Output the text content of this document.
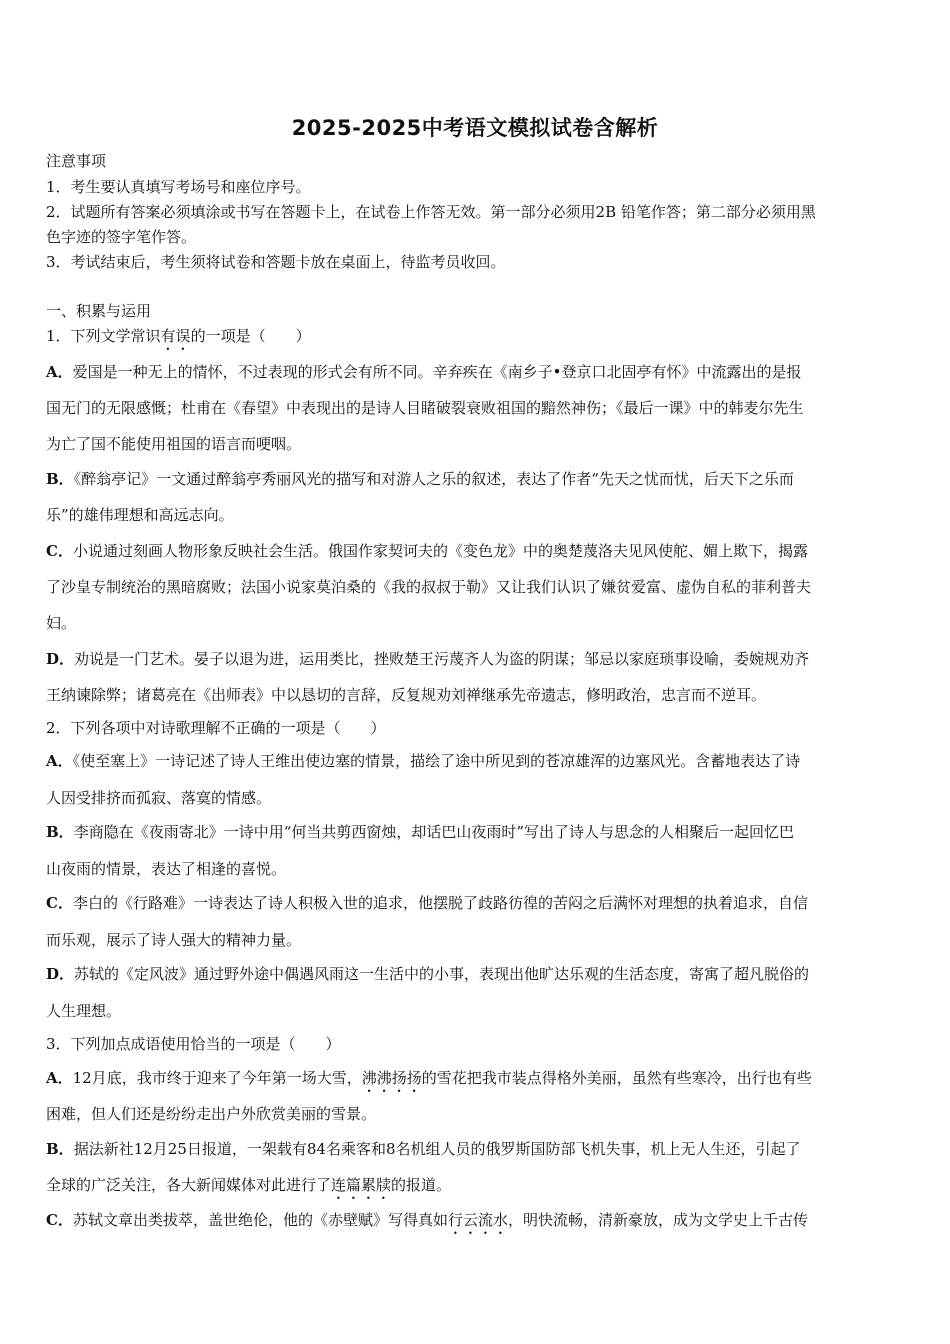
2025-2025中考语文模拟试卷含解析
注意事项
1．考生要认真填写考场号和座位序号。
2．试题所有答案必须填涂或书写在答题卡上，在试卷上作答无效。第一部分必须用2B 铅笔作答；第二部分必须用黑
色字迹的签字笔作答。
3．考试结束后，考生须将试卷和答题卡放在桌面上，待监考员收回。
一、积累与运用
1．下列文学常识有误的一项是（　　）
A．爱国是一种无上的情怀，不过表现的形式会有所不同。辛弃疾在《南乡子•登京口北固亭有怀》中流露出的是报
国无门的无限感慨；杜甫在《春望》中表现出的是诗人目睹破裂衰败祖国的黯然神伤；《最后一课》中的韩麦尔先生
为亡了国不能使用祖国的语言而哽咽。
B．《醉翁亭记》一文通过醉翁亭秀丽风光的描写和对游人之乐的叙述，表达了作者“先天之忧而忧，后天下之乐而
乐”的雄伟理想和高远志向。
C．小说通过刻画人物形象反映社会生活。俄国作家契诃夫的《变色龙》中的奥楚蔑洛夫见风使舵、媚上欺下，揭露
了沙皇专制统治的黑暗腐败；法国小说家莫泊桑的《我的叔叔于勒》又让我们认识了嫌贫爱富、虚伪自私的菲利普夫
妇。
D．劝说是一门艺术。晏子以退为进，运用类比，挫败楚王污蔑齐人为盗的阴谋；邹忌以家庭琐事设喻，委婉规劝齐
王纳谏除弊；诸葛亮在《出师表》中以恳切的言辞，反复规劝刘禅继承先帝遗志，修明政治，忠言而不逆耳。
2．下列各项中对诗歌理解不正确的一项是（　　）
A．《使至塞上》一诗记述了诗人王维出使边塞的情景，描绘了途中所见到的苍凉雄浑的边塞风光。含蓄地表达了诗
人因受排挤而孤寂、落寞的情感。
B．李商隐在《夜雨寄北》一诗中用“何当共剪西窗烛，却话巴山夜雨时”写出了诗人与思念的人相聚后一起回忆巴
山夜雨的情景，表达了相逢的喜悦。
C．李白的《行路难》一诗表达了诗人积极入世的追求，他摆脱了歧路彷徨的苦闷之后满怀对理想的执着追求，自信
而乐观，展示了诗人强大的精神力量。
D．苏轼的《定风波》通过野外途中偶遇风雨这一生活中的小事，表现出他旷达乐观的生活态度，寄寓了超凡脱俗的
人生理想。
3．下列加点成语使用恰当的一项是（　　）
A．12月底，我市终于迎来了今年第一场大雪，沸沸扬扬的雪花把我市装点得格外美丽，虽然有些寒冷，出行也有些
困难，但人们还是纷纷走出户外欣赏美丽的雪景。
B．据法新社12月25日报道，一架载有84名乘客和8名机组人员的俄罗斯国防部飞机失事，机上无人生还，引起了
全球的广泛关注，各大新闻媒体对此进行了连篇累牍的报道。
C．苏轼文章出类拔萃，盖世绝伦，他的《赤壁赋》写得真如行云流水，明快流畅，清新豪放，成为文学史上千古传
